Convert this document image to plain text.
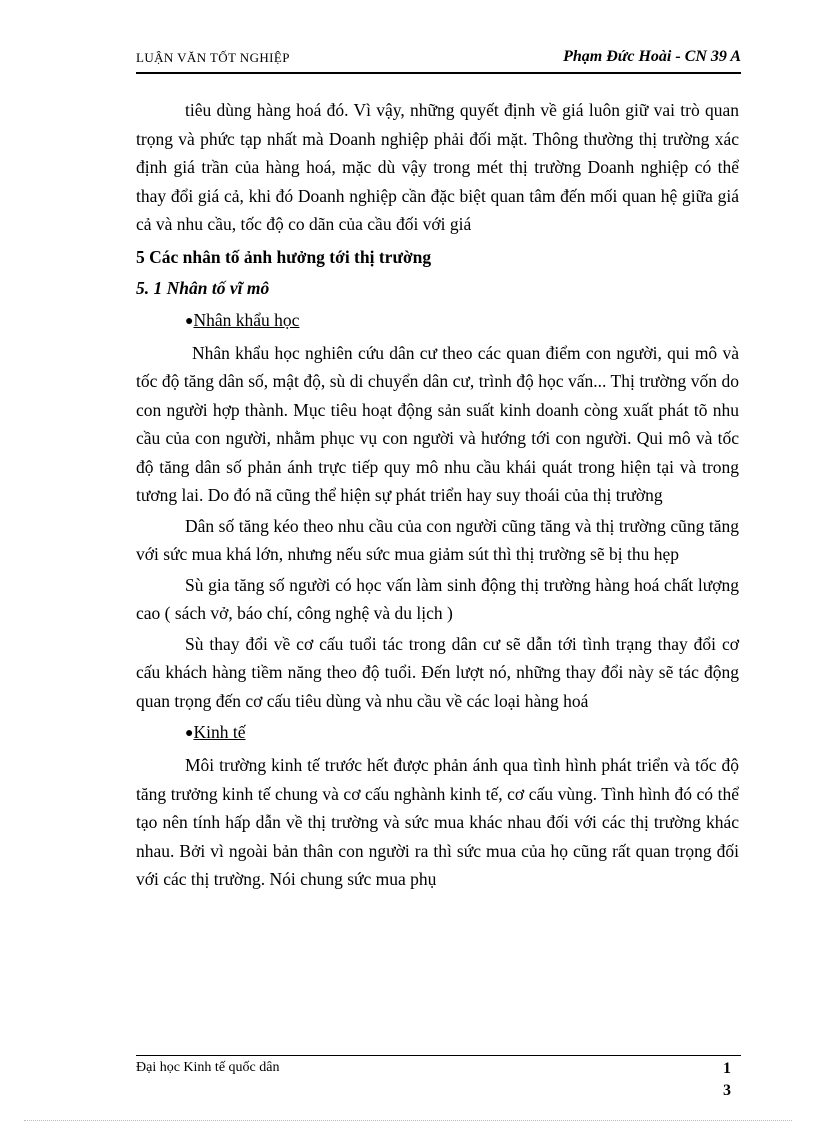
LUẬN VĂN TỐT NGHIỆP	Phạm Đức Hoài - CN 39 A

tiêu dùng hàng hoá đó. Vì vậy, những quyết định về giá luôn giữ vai trò quan trọng và phức tạp nhất mà Doanh nghiệp phải đối mặt. Thông thường thị trường xác định giá trần của hàng hoá, mặc dù vậy trong mét thị trường Doanh nghiệp có thể thay đổi giá cả, khi đó Doanh nghiệp cần đặc biệt quan tâm đến mối quan hệ giữa giá cả và nhu cầu, tốc độ co dãn của cầu đối với giá

5 Các nhân tố ảnh hưởng tới thị trường
5. 1 Nhân tố vĩ mô
●Nhân khẩu học

Nhân khẩu học nghiên cứu dân cư theo các quan điểm con người, qui mô và tốc độ tăng dân số, mật độ, sù di chuyển dân cư, trình độ học vấn... Thị trường vốn do con người hợp thành. Mục tiêu hoạt động sản suất kinh doanh còng xuất phát tõ nhu cầu của con người, nhằm phục vụ con người và hướng tới con người. Qui mô và tốc độ tăng dân số phản ánh trực tiếp quy mô nhu cầu khái quát trong hiện tại và trong tương lai. Do đó nã cũng thể hiện sự phát triển hay suy thoái của thị trường

Dân số tăng kéo theo nhu cầu của con người cũng tăng và thị trường cũng tăng với sức mua khá lớn, nhưng nếu sức mua giảm sút thì thị trường sẽ bị thu hẹp

Sù gia tăng số người có học vấn làm sinh động thị trường hàng hoá chất lượng cao ( sách vở, báo chí, công nghệ và du lịch )

Sù thay đổi về cơ cấu tuổi tác trong dân cư sẽ dẫn tới tình trạng thay đổi cơ cấu khách hàng tiềm năng theo độ tuổi. Đến lượt nó, những thay đổi này sẽ tác động quan trọng đến cơ cấu tiêu dùng và nhu cầu về các loại hàng hoá

●Kinh tế

Môi trường kinh tế trước hết được phản ánh qua tình hình phát triển và tốc độ tăng trưởng kinh tế chung và cơ cấu nghành kinh tế, cơ cấu vùng. Tình hình đó có thể tạo nên tính hấp dẫn về thị trường và sức mua khác nhau đối với các thị trường khác nhau. Bởi vì ngoài bản thân con người ra thì sức mua của họ cũng rất quan trọng đối với các thị trường. Nói chung sức mua phụ

Đại học Kinh tế quốc dân	1
3
